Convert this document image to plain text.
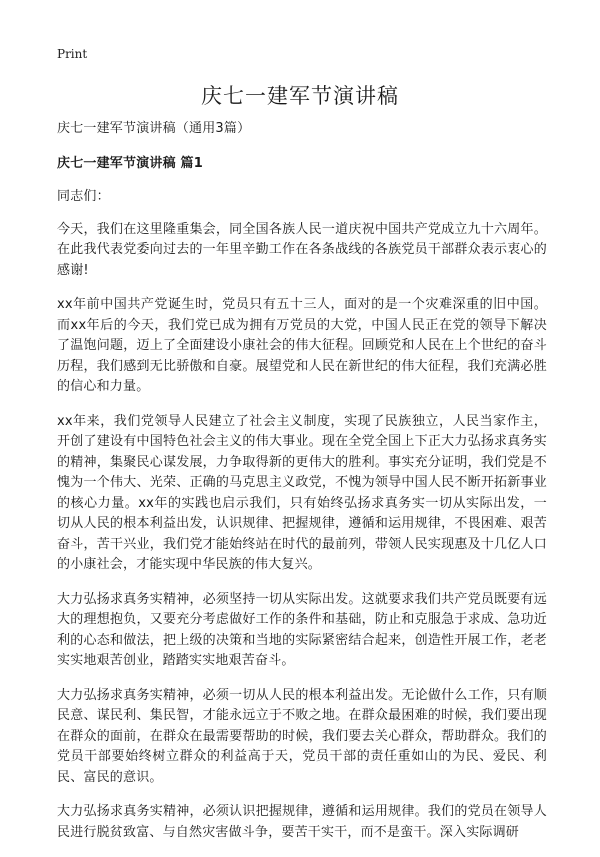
Print
庆七一建军节演讲稿

庆七一建军节演讲稿（通用3篇）

庆七一建军节演讲稿 篇1

同志们：

今天，我们在这里隆重集会，同全国各族人民一道庆祝中国共产党成立九十六周年。在此我代表党委向过去的一年里辛勤工作在各条战线的各族党员干部群众表示衷心的感谢!

xx年前中国共产党诞生时，党员只有五十三人，面对的是一个灾难深重的旧中国。而xx年后的今天，我们党已成为拥有万党员的大党，中国人民正在党的领导下解决了温饱问题，迈上了全面建设小康社会的伟大征程。回顾党和人民在上个世纪的奋斗历程，我们感到无比骄傲和自豪。展望党和人民在新世纪的伟大征程，我们充满必胜的信心和力量。

xx年来，我们党领导人民建立了社会主义制度，实现了民族独立，人民当家作主，开创了建设有中国特色社会主义的伟大事业。现在全党全国上下正大力弘扬求真务实的精神，集聚民心谋发展，力争取得新的更伟大的胜利。事实充分证明，我们党是不愧为一个伟大、光荣、正确的马克思主义政党，不愧为领导中国人民不断开拓新事业的核心力量。xx年的实践也启示我们，只有始终弘扬求真务实一切从实际出发，一切从人民的根本利益出发，认识规律、把握规律，遵循和运用规律，不畏困难、艰苦奋斗，苦干兴业，我们党才能始终站在时代的最前列，带领人民实现惠及十几亿人口的小康社会，才能实现中华民族的伟大复兴。

大力弘扬求真务实精神，必须坚持一切从实际出发。这就要求我们共产党员既要有远大的理想抱负，又要充分考虑做好工作的条件和基础，防止和克服急于求成、急功近利的心态和做法，把上级的决策和当地的实际紧密结合起来，创造性开展工作，老老实实地艰苦创业，踏踏实实地艰苦奋斗。

大力弘扬求真务实精神，必须一切从人民的根本利益出发。无论做什么工作，只有顺民意、谋民利、集民智，才能永远立于不败之地。在群众最困难的时候，我们要出现在群众的面前，在群众在最需要帮助的时候，我们要去关心群众，帮助群众。我们的党员干部要始终树立群众的利益高于天，党员干部的责任重如山的为民、爱民、利民、富民的意识。

大力弘扬求真务实精神，必须认识把握规律，遵循和运用规律。我们的党员在领导人民进行脱贫致富、与自然灾害做斗争，要苦干实干，而不是蛮干。深入实际调研
